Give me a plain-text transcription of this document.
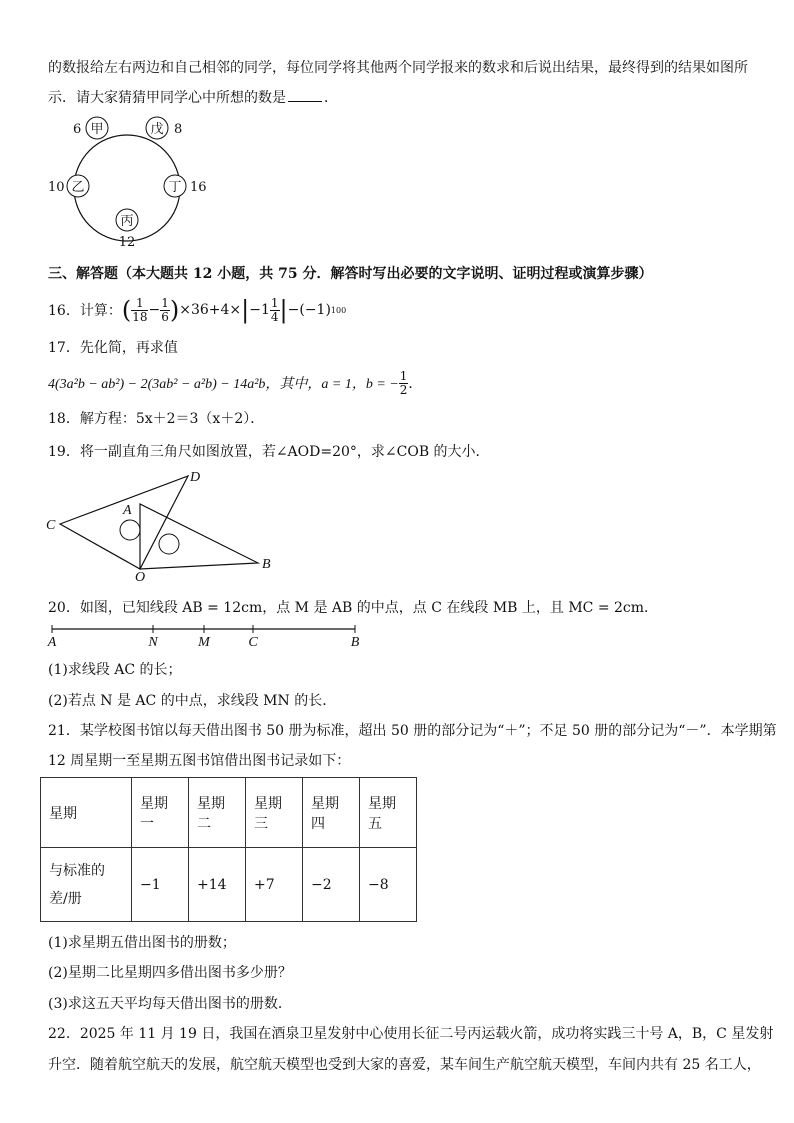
的数报给左右两边和自己相邻的同学，每位同学将其他两个同学报来的数求和后说出结果，最终得到的结果如图所
示．请大家猜猜甲同学心中所想的数是	．
甲	戊
丁
丙
乙
6	8
16
12
10
三、解答题（本大题共 12 小题，共 75 分．解答时写出必要的文字说明、证明过程或演算步骤）
16．计算： ( $\frac{1}{18} - \frac{1}{6}$ ) ×36+4× | $-1 \frac{1}{4}$ | −(−1) 100
17．先化简，再求值
4(3a²b − ab²) − 2(3ab² − a²b) − 14a²b，其中，a = 1，b = − $\frac{1}{2}$ ．
18．解方程：5x＋2＝3（x＋2）．
19．将一副直角三角尺如图放置，若∠AOD=20°，求∠COB 的大小．
D
A
C
O
B
20．如图，已知线段 AB = 12cm，点 M 是 AB 的中点，点 C 在线段 MB 上，且 MC = 2cm．
A	N	M	C	B
(1)求线段 AC 的长；
(2)若点 N 是 AC 的中点，求线段 MN 的长．
21．某学校图书馆以每天借出图书 50 册为标准，超出 50 册的部分记为“＋”；不足 50 册的部分记为“－”．本学期第
12 周星期一至星期五图书馆借出图书记录如下：
星期	星期一	星期二	星期三	星期四	星期五
与标准的差/册	−1	+14	+7	−2	−8
(1)求星期五借出图书的册数；
(2)星期二比星期四多借出图书多少册？
(3)求这五天平均每天借出图书的册数．
22．2025 年 11 月 19 日，我国在酒泉卫星发射中心使用长征二号丙运载火箭，成功将实践三十号 A，B，C 星发射
升空．随着航空航天的发展，航空航天模型也受到大家的喜爱，某车间生产航空航天模型，车间内共有 25 名工人，
